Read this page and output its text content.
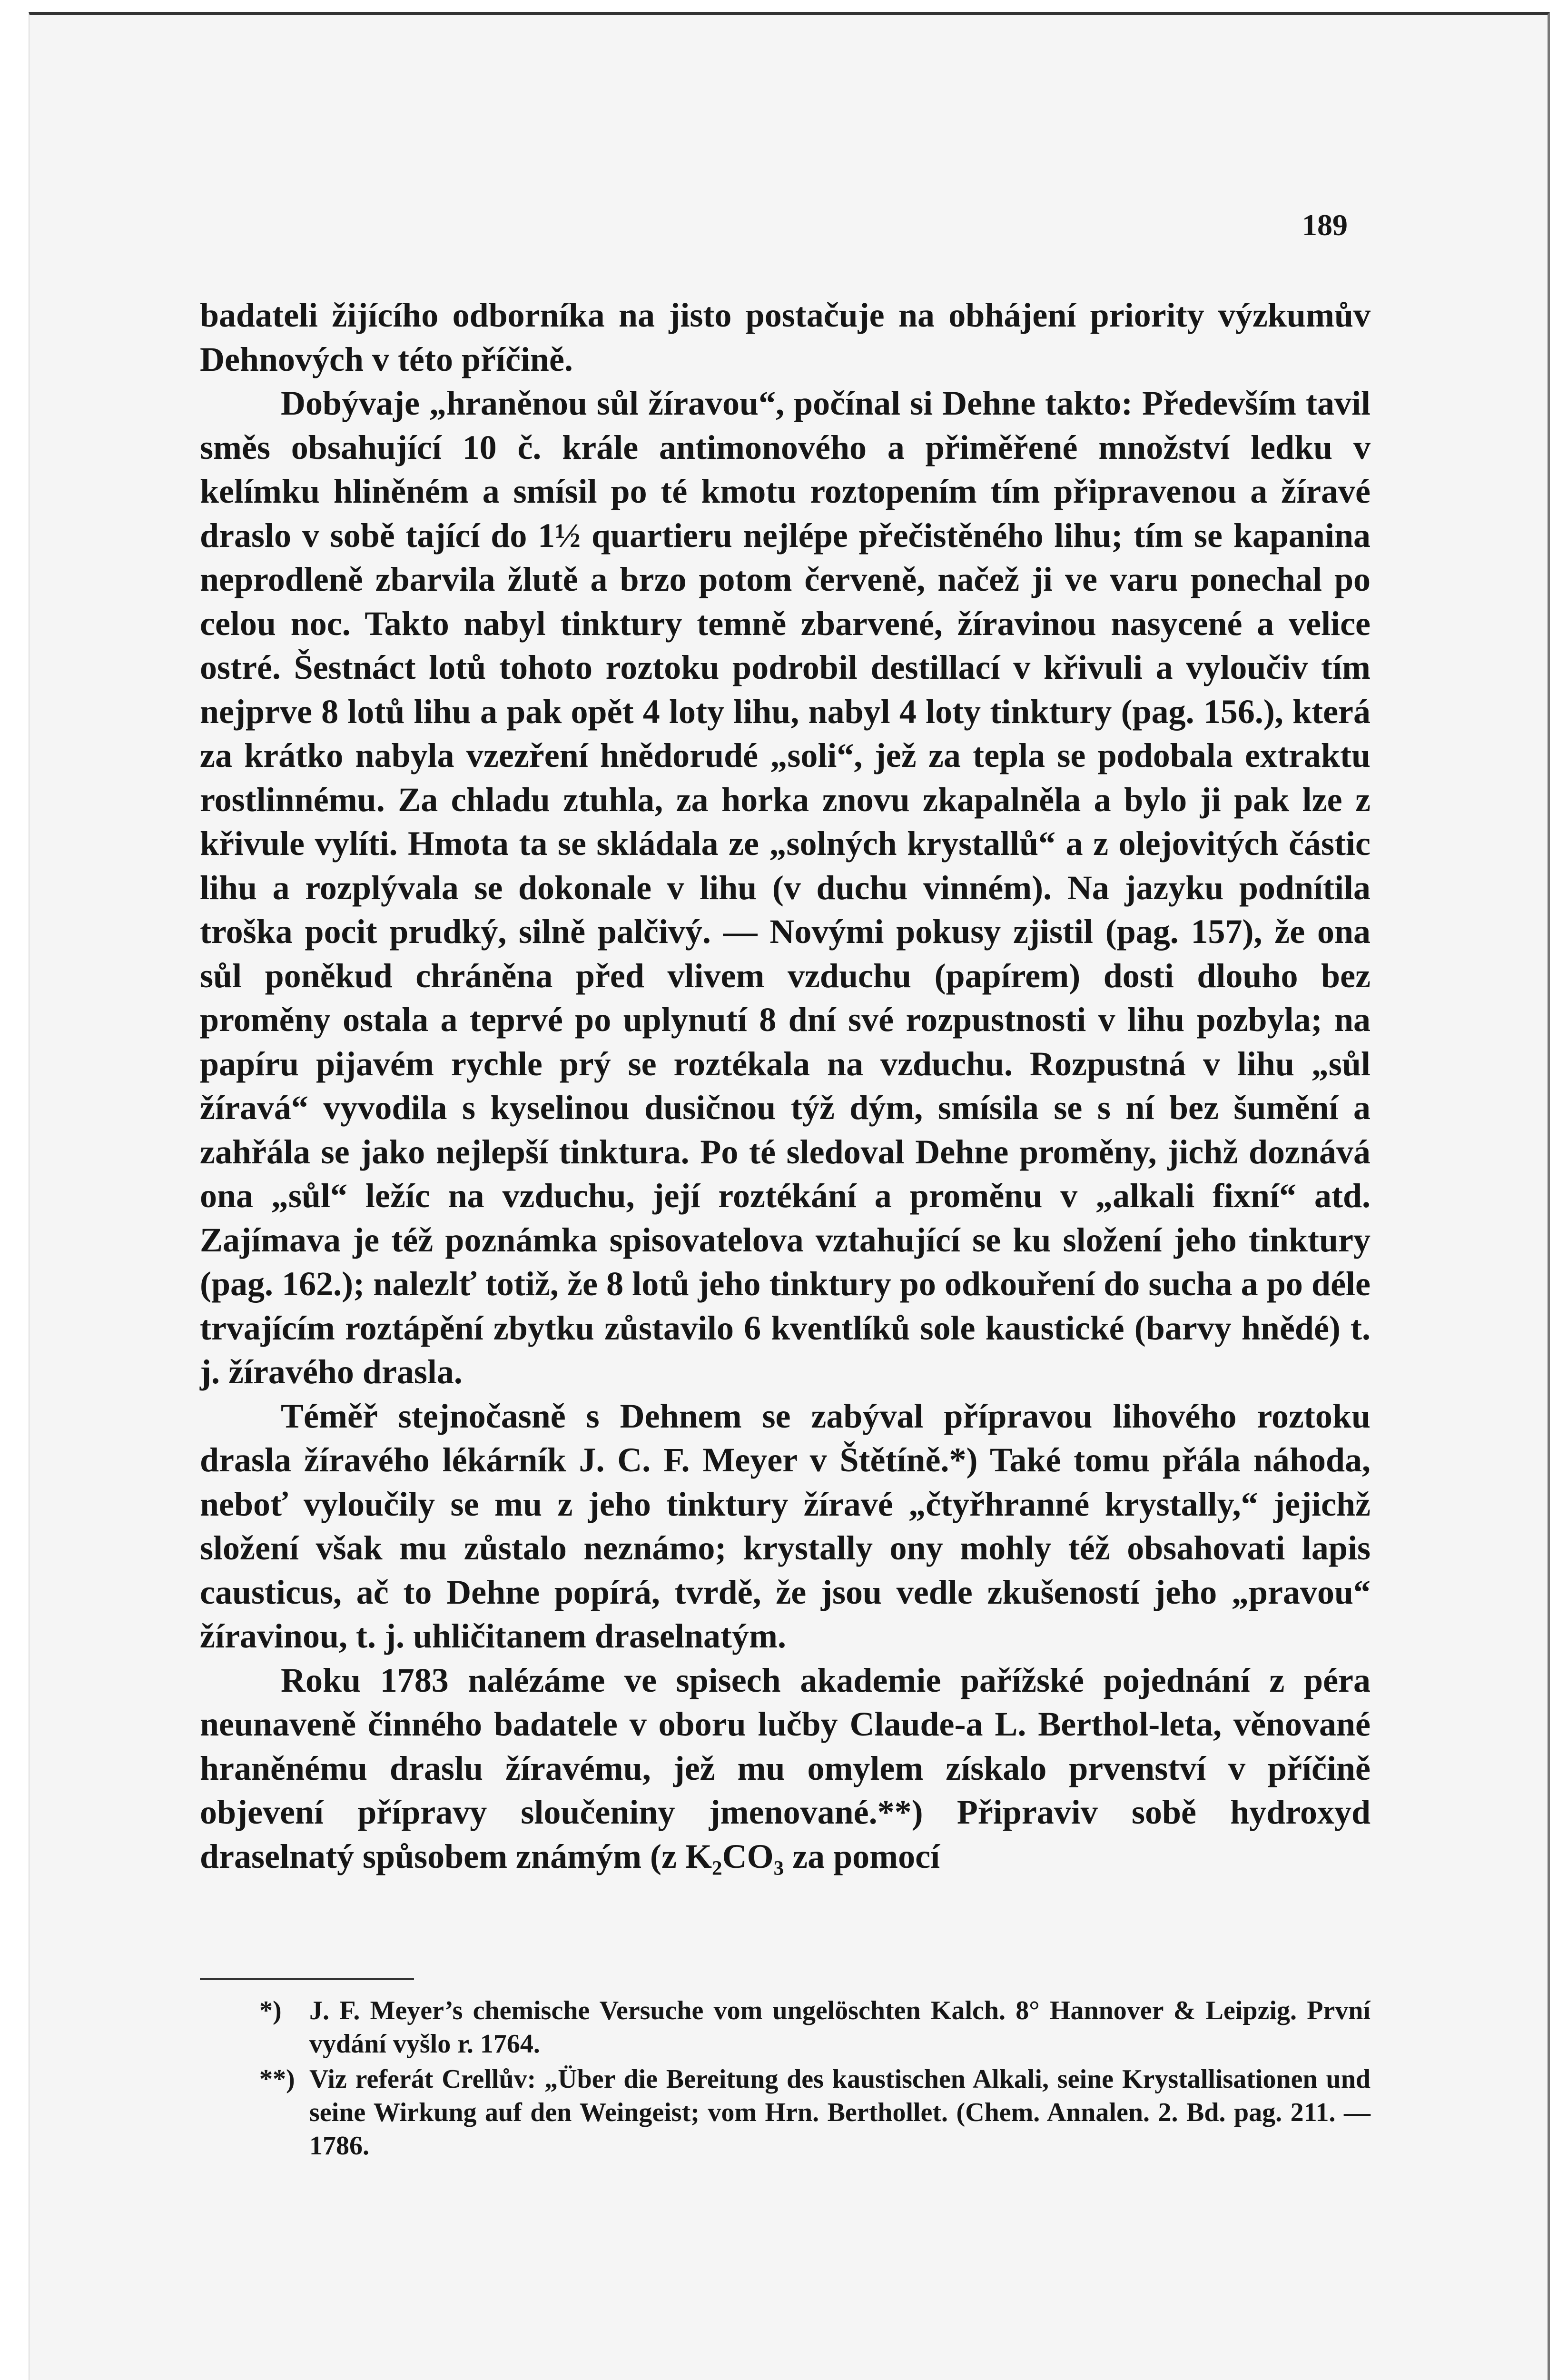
189

badateli žijícího odborníka na jisto postačuje na obhájení priority výzkumův Dehnových v této příčině.

Dobývaje „hraněnou sůl žíravou“, počínal si Dehne takto: Především tavil směs obsahující 10 č. krále antimonového a přiměřené množství ledku v kelímku hliněném a smísil po té kmotu roztopením tím připravenou a žíravé draslo v sobě tající do 1½ quartieru nejlépe přečistěného lihu; tím se kapanina neprodleně zbarvila žlutě a brzo potom červeně, načež ji ve varu ponechal po celou noc. Takto nabyl tinktury temně zbarvené, žíravinou nasycené a velice ostré. Šestnáct lotů tohoto roztoku podrobil destillací v křivuli a vyloučiv tím nejprve 8 lotů lihu a pak opět 4 loty lihu, nabyl 4 loty tinktury (pag. 156.), která za krátko nabyla vzezření hnědorudé „soli“, jež za tepla se podobala extraktu rostlinnému. Za chladu ztuhla, za horka znovu zkapalněla a bylo ji pak lze z křivule vylíti. Hmota ta se skládala ze „solných krystallů“ a z olejovitých částic lihu a rozplývala se dokonale v lihu (v duchu vinném). Na jazyku podnítila troška pocit prudký, silně palčivý. — Novými pokusy zjistil (pag. 157), že ona sůl poněkud chráněna před vlivem vzduchu (papírem) dosti dlouho bez proměny ostala a teprvé po uplynutí 8 dní své rozpustnosti v lihu pozbyla; na papíru pijavém rychle prý se roztékala na vzduchu. Rozpustná v lihu „sůl žíravá“ vyvodila s kyselinou dusičnou týž dým, smísila se s ní bez šumění a zahřála se jako nejlepší tinktura. Po té sledoval Dehne proměny, jichž doznává ona „sůl“ ležíc na vzduchu, její roztékání a proměnu v „alkali fixní“ atd. Zajímava je též poznámka spisovatelova vztahující se ku složení jeho tinktury (pag. 162.); nalezlť totiž, že 8 lotů jeho tinktury po odkouření do sucha a po déle trvajícím roztápění zbytku zůstavilo 6 kventlíků sole kaustické (barvy hnědé) t. j. žíravého drasla.

Téměř stejnočasně s Dehnem se zabýval přípravou lihového roztoku drasla žíravého lékárník J. C. F. Meyer v Štětíně.*) Také tomu přála náhoda, neboť vyloučily se mu z jeho tinktury žíravé „čtyřhranné krystally,“ jejichž složení však mu zůstalo neznámo; krystally ony mohly též obsahovati lapis causticus, ač to Dehne popírá, tvrdě, že jsou vedle zkušeností jeho „pravou“ žíravinou, t. j. uhličitanem draselnatým.

Roku 1783 nalézáme ve spisech akademie pařížské pojednání z péra neunaveně činného badatele v oboru lučby Claude-a L. Berthol-leta, věnované hraněnému draslu žíravému, jež mu omylem získalo prvenství v příčině objevení přípravy sloučeniny jmenované.**) Připraviv sobě hydroxyd draselnatý spůsobem známým (z K₂CO₃ za pomocí

*) J. F. Meyer’s chemische Versuche vom ungelöschten Kalch. 8° Hannover & Leipzig. První vydání vyšlo r. 1764.
**) Viz referát Crellův: „Über die Bereitung des kaustischen Alkali, seine Krystallisationen und seine Wirkung auf den Weingeist; vom Hrn. Berthollet. (Chem. Annalen. 2. Bd. pag. 211. — 1786.
